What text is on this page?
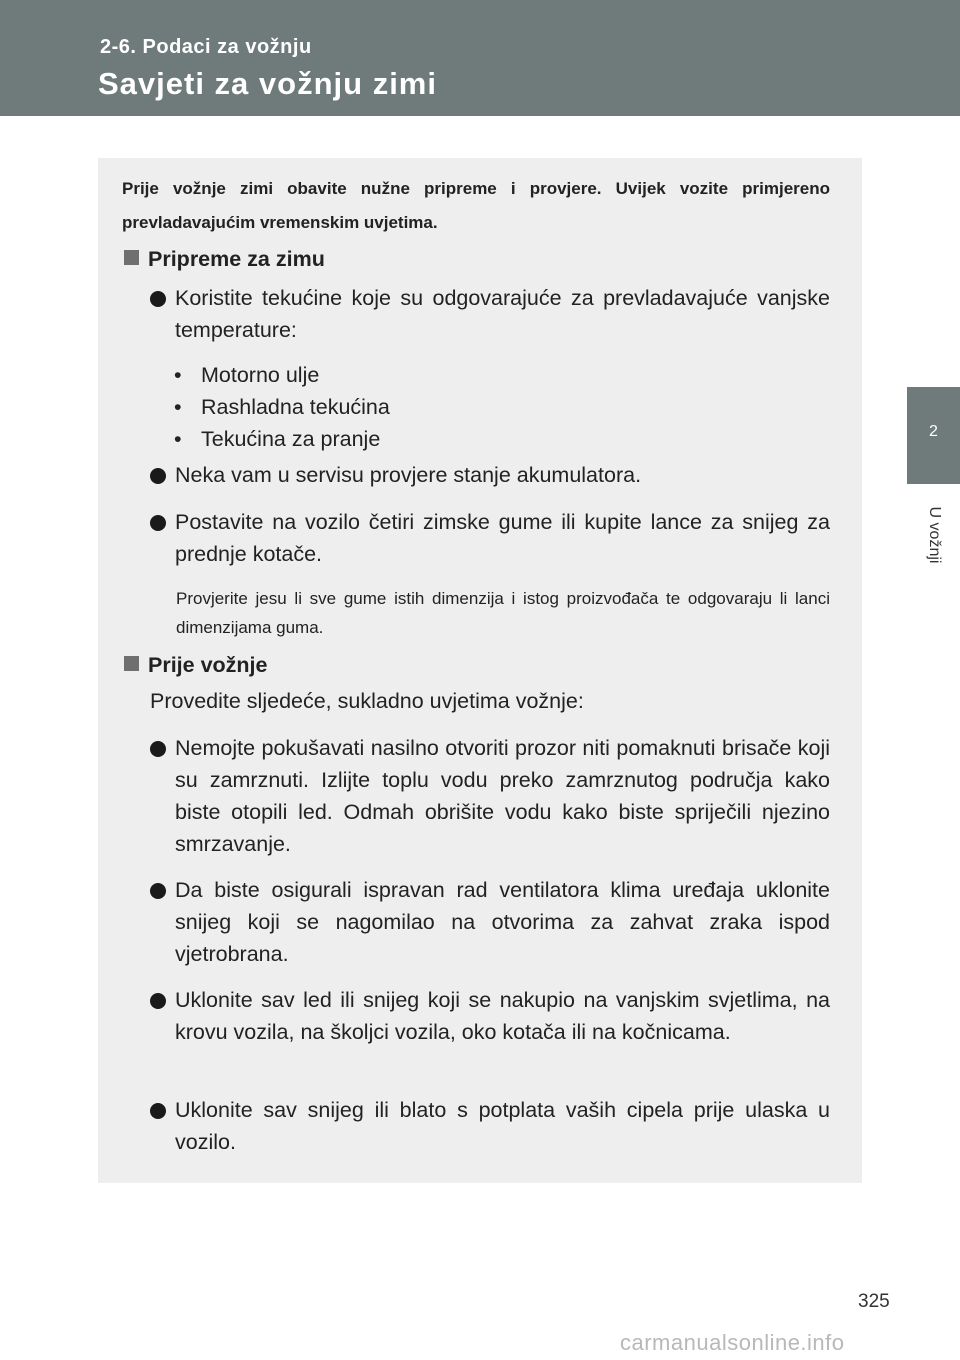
2-6. Podaci za vožnju
Savjeti za vožnju zimi
2
U vožnji
Prije vožnje zimi obavite nužne pripreme i provjere. Uvijek vozite primjereno prevladavajućim vremenskim uvjetima.
Pripreme za zimu
Koristite tekućine koje su odgovarajuće za prevladavajuće vanjske temperature:
• Motorno ulje
• Rashladna tekućina
• Tekućina za pranje
Neka vam u servisu provjere stanje akumulatora.
Postavite na vozilo četiri zimske gume ili kupite lance za snijeg za prednje kotače.
Provjerite jesu li sve gume istih dimenzija i istog proizvođača te odgovaraju li lanci dimenzijama guma.
Prije vožnje
Provedite sljedeće, sukladno uvjetima vožnje:
Nemojte pokušavati nasilno otvoriti prozor niti pomaknuti brisače koji su zamrznuti. Izlijte toplu vodu preko zamrznutog područja kako biste otopili led. Odmah obrišite vodu kako biste spriječili njezino smrzavanje.
Da biste osigurali ispravan rad ventilatora klima uređaja uklonite snijeg koji se nagomilao na otvorima za zahvat zraka ispod vjetrobrana.
Uklonite sav led ili snijeg koji se nakupio na vanjskim svjetlima, na krovu vozila, na školjci vozila, oko kotača ili na kočnicama.
Uklonite sav snijeg ili blato s potplata vaših cipela prije ulaska u vozilo.
325
carmanualsonline.info
